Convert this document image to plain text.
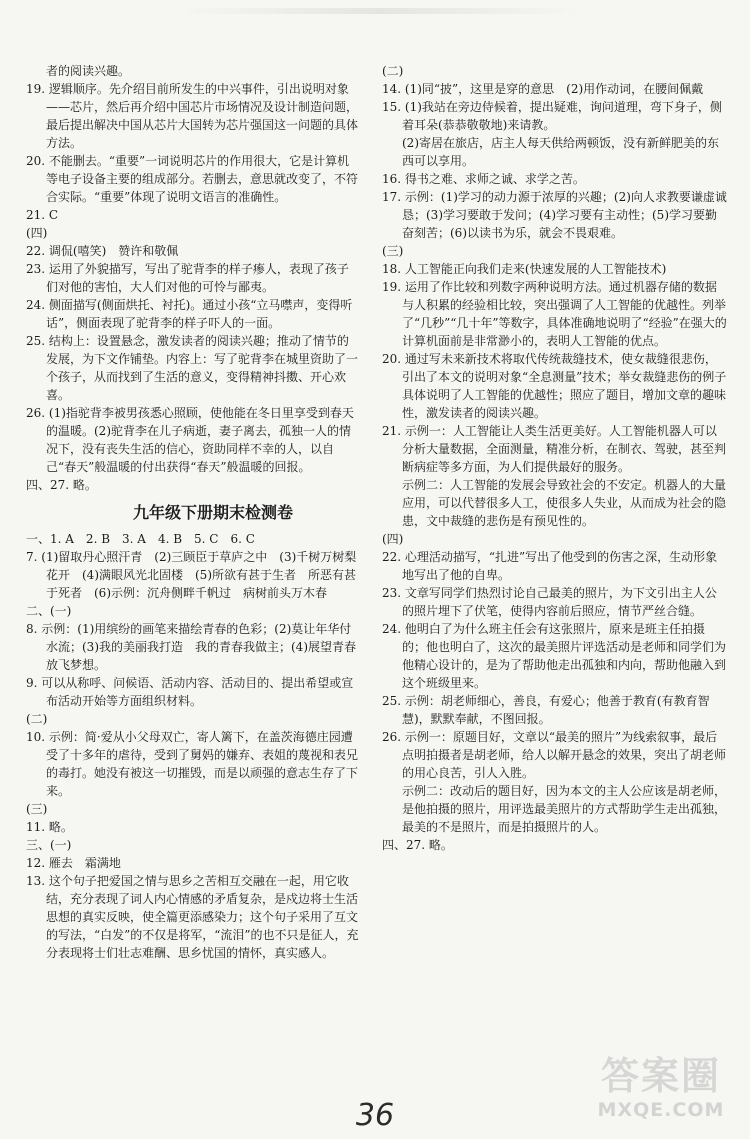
者的阅读兴趣。

19. 逻辑顺序。先介绍目前所发生的中兴事件，引出说明对象——芯片，然后再介绍中国芯片市场情况及设计制造问题，最后提出解决中国从芯片大国转为芯片强国这一问题的具体方法。

20. 不能删去。“重要”一词说明芯片的作用很大，它是计算机等电子设备主要的组成部分。若删去，意思就改变了，不符合实际。“重要”体现了说明文语言的准确性。

21. C

(四)

22. 调侃(嘻笑)　赞许和敬佩

23. 运用了外貌描写，写出了驼背李的样子瘆人，表现了孩子们对他的害怕，大人们对他的可怜与鄙夷。

24. 侧面描写(侧面烘托、衬托)。通过小孩“立马噤声，变得听话”，侧面表现了驼背李的样子吓人的一面。

25. 结构上：设置悬念，激发读者的阅读兴趣；推动了情节的发展，为下文作铺垫。内容上：写了驼背李在城里资助了一个孩子，从而找到了生活的意义，变得精神抖擞、开心欢喜。

26. (1)指驼背李被男孩悉心照顾，使他能在冬日里享受到春天的温暖。(2)驼背李在儿子病逝，妻子离去，孤独一人的情况下，没有丧失生活的信心，资助同样不幸的人，以自己“春天”般温暖的付出获得“春天”般温暖的回报。

四、27. 略。

九年级下册期末检测卷

一、1. A　2. B　3. A　4. B　5. C　6. C

7. (1)留取丹心照汗青　(2)三顾臣于草庐之中　(3)千树万树梨花开　(4)满眼风光北固楼　(5)所欲有甚于生者　所恶有甚于死者　(6)示例：沉舟侧畔千帆过　病树前头万木春

二、(一)

8. 示例：(1)用缤纷的画笔来描绘青春的色彩；(2)莫让年华付水流；(3)我的美丽我打造　我的青春我做主；(4)展望青春　放飞梦想。

9. 可以从称呼、问候语、活动内容、活动目的、提出希望或宣布活动开始等方面组织材料。

(二)

10. 示例：简·爱从小父母双亡，寄人篱下，在盖茨海德庄园遭受了十多年的虐待，受到了舅妈的嫌弃、表姐的蔑视和表兄的毒打。她没有被这一切摧毁，而是以顽强的意志生存了下来。

(三)

11. 略。

三、(一)

12. 雁去　霜满地

13. 这个句子把爱国之情与思乡之苦相互交融在一起，用它收结，充分表现了词人内心情感的矛盾复杂，是戍边将士生活思想的真实反映，使全篇更添感染力；这个句子采用了互文的写法，“白发”的不仅是将军，“流泪”的也不只是征人，充分表现将士们壮志难酬、思乡忧国的情怀，真实感人。

(二)

14. (1)同“披”，这里是穿的意思　(2)用作动词，在腰间佩戴

15. (1)我站在旁边侍候着，提出疑难，询问道理，弯下身子，侧着耳朵(恭恭敬敬地)来请教。

(2)寄居在旅店，店主人每天供给两顿饭，没有新鲜肥美的东西可以享用。

16. 得书之难、求师之诚、求学之苦。

17. 示例：(1)学习的动力源于浓厚的兴趣；(2)向人求教要谦虚诚恳；(3)学习要敢于发问；(4)学习要有主动性；(5)学习要勤奋刻苦；(6)以读书为乐，就会不畏艰难。

(三)

18. 人工智能正向我们走来(快速发展的人工智能技术)

19. 运用了作比较和列数字两种说明方法。通过机器存储的数据与人积累的经验相比较，突出强调了人工智能的优越性。列举了“几秒”“几十年”等数字，具体准确地说明了“经验”在强大的计算机面前是非常渺小的，表明人工智能的优点。

20. 通过写未来新技术将取代传统裁缝技术，使女裁缝很悲伤，引出了本文的说明对象“全息测量”技术；举女裁缝悲伤的例子具体说明了人工智能的优越性；照应了题目，增加文章的趣味性，激发读者的阅读兴趣。

21. 示例一：人工智能让人类生活更美好。人工智能机器人可以分析大量数据，全面测量，精准分析，在制衣、驾驶，甚至判断病症等多方面，为人们提供最好的服务。

示例二：人工智能的发展会导致社会的不安定。机器人的大量应用，可以代替很多人工，使很多人失业，从而成为社会的隐患，文中裁缝的悲伤是有预见性的。

(四)

22. 心理活动描写，“扎进”写出了他受到的伤害之深，生动形象地写出了他的自卑。

23. 文章写同学们热烈讨论自己最美的照片，为下文引出主人公的照片埋下了伏笔，使得内容前后照应，情节严丝合缝。

24. 他明白了为什么班主任会有这张照片，原来是班主任拍摄的；他也明白了，这次的最美照片评选活动是老师和同学们为他精心设计的，是为了帮助他走出孤独和内向，帮助他融入到这个班级里来。

25. 示例：胡老师细心，善良，有爱心；他善于教育(有教育智慧)，默默奉献，不图回报。

26. 示例一：原题目好，文章以“最美的照片”为线索叙事，最后点明拍摄者是胡老师，给人以解开悬念的效果，突出了胡老师的用心良苦，引人入胜。

示例二：改动后的题目好，因为本文的主人公应该是胡老师，是他拍摄的照片，用评选最美照片的方式帮助学生走出孤独，最美的不是照片，而是拍摄照片的人。

四、27. 略。

36
答案圈
MXQE.COM
